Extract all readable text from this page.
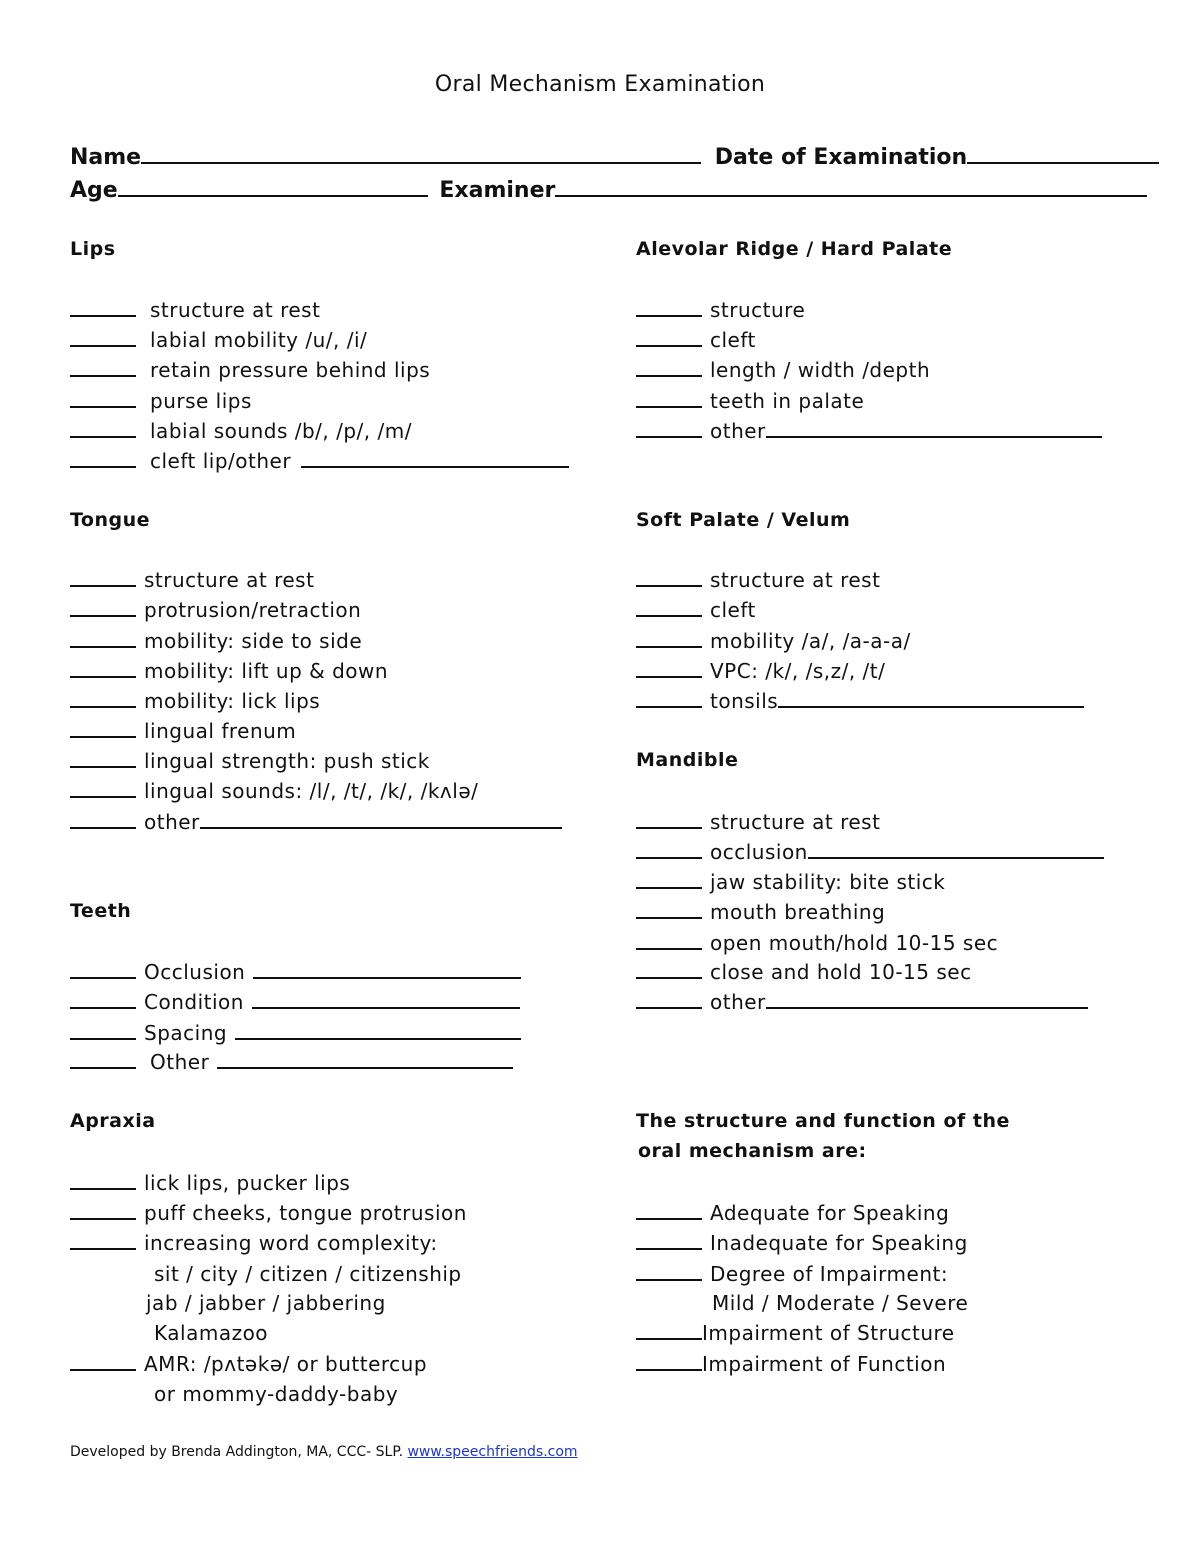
Oral Mechanism Examination
Name	Date of Examination
Age	Examiner
Lips
structure at rest
labial mobility /u/, /i/
retain pressure behind lips
purse lips
labial sounds /b/, /p/, /m/
cleft lip/other
Tongue
structure at rest
protrusion/retraction
mobility: side to side
mobility: lift up & down
mobility: lick lips
lingual frenum
lingual strength: push stick
lingual sounds: /l/, /t/, /k/, /kʌlə/
other
Teeth
Occlusion
Condition
Spacing
Other
Apraxia
lick lips, pucker lips
puff cheeks, tongue protrusion
increasing word complexity:
sit / city / citizen / citizenship
jab / jabber / jabbering
Kalamazoo
AMR: /pʌtəkə/ or buttercup
or mommy-daddy-baby
Alevolar Ridge / Hard Palate
structure
cleft
length / width /depth
teeth in palate
other
Soft Palate / Velum
structure at rest
cleft
mobility /a/, /a-a-a/
VPC: /k/, /s,z/, /t/
tonsils
Mandible
structure at rest
occlusion
jaw stability: bite stick
mouth breathing
open mouth/hold 10-15 sec
close and hold 10-15 sec
other
The structure and function of the
oral mechanism are:
Adequate for Speaking
Inadequate for Speaking
Degree of Impairment:
Mild / Moderate / Severe
Impairment of Structure
Impairment of Function
Developed by Brenda Addington, MA, CCC- SLP. www.speechfriends.com
